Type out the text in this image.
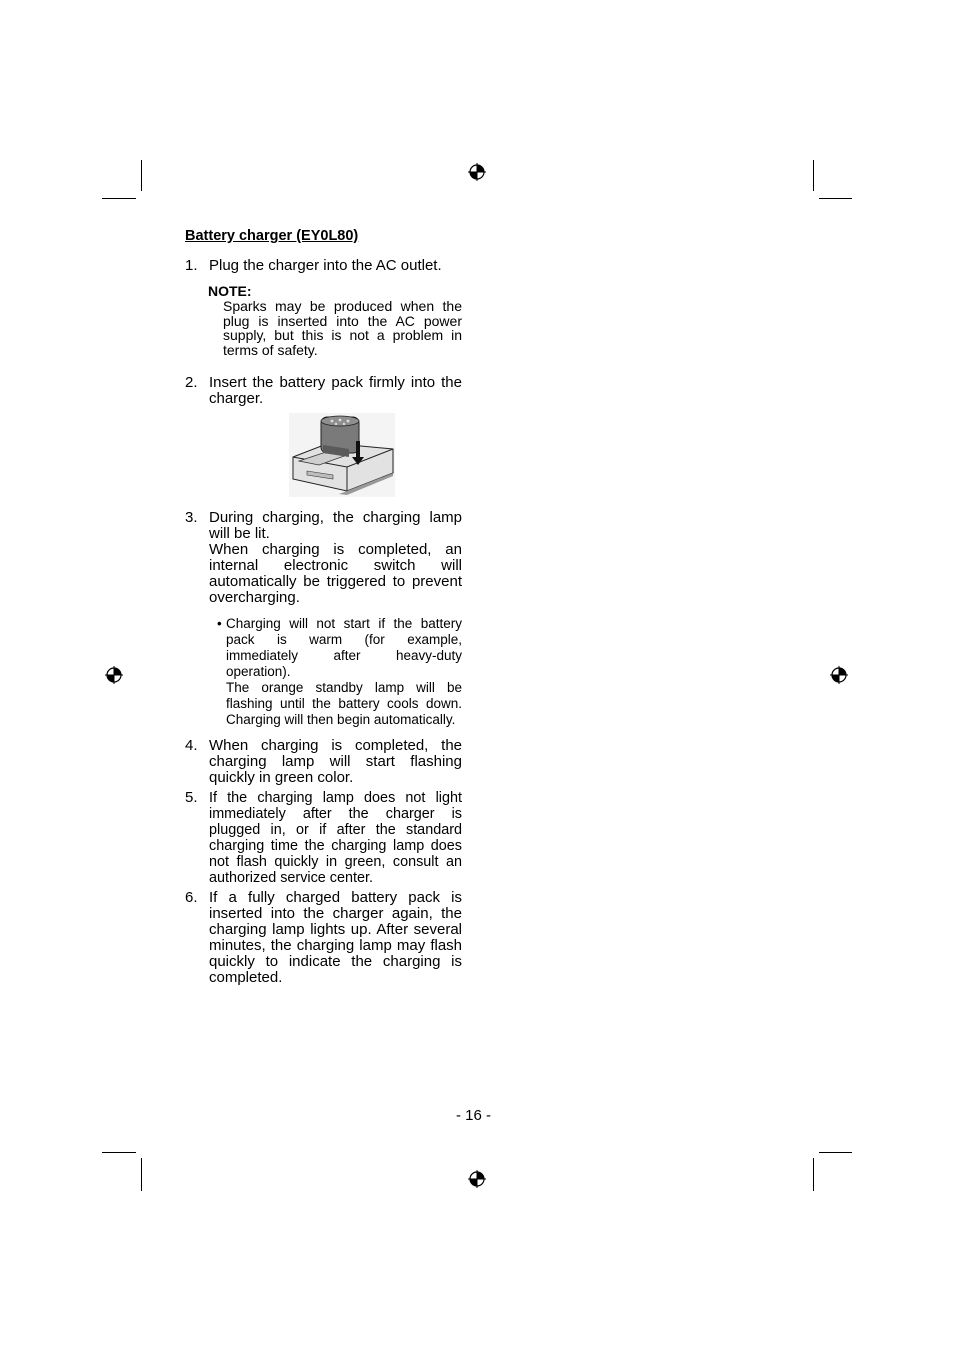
Battery charger (EY0L80)
1. Plug the charger into the AC outlet.
NOTE:
Sparks may be produced when the plug is inserted into the AC power supply, but this is not a problem in terms of safety.
2. Insert the battery pack firmly into the charger.
3. During charging, the charging lamp will be lit.
When charging is completed, an internal electronic switch will automatically be triggered to prevent overcharging.
• Charging will not start if the battery pack is warm (for example, immediately after heavy-duty operation).
The orange standby lamp will be flashing until the battery cools down. Charging will then begin automatically.
4. When charging is completed, the charging lamp will start flashing quickly in green color.
5. If the charging lamp does not light immediately after the charger is plugged in, or if after the standard charging time the charging lamp does not flash quickly in green, consult an authorized service center.
6. If a fully charged battery pack is inserted into the charger again, the charging lamp lights up. After several minutes, the charging lamp may flash quickly to indicate the charging is completed.
- 16 -
